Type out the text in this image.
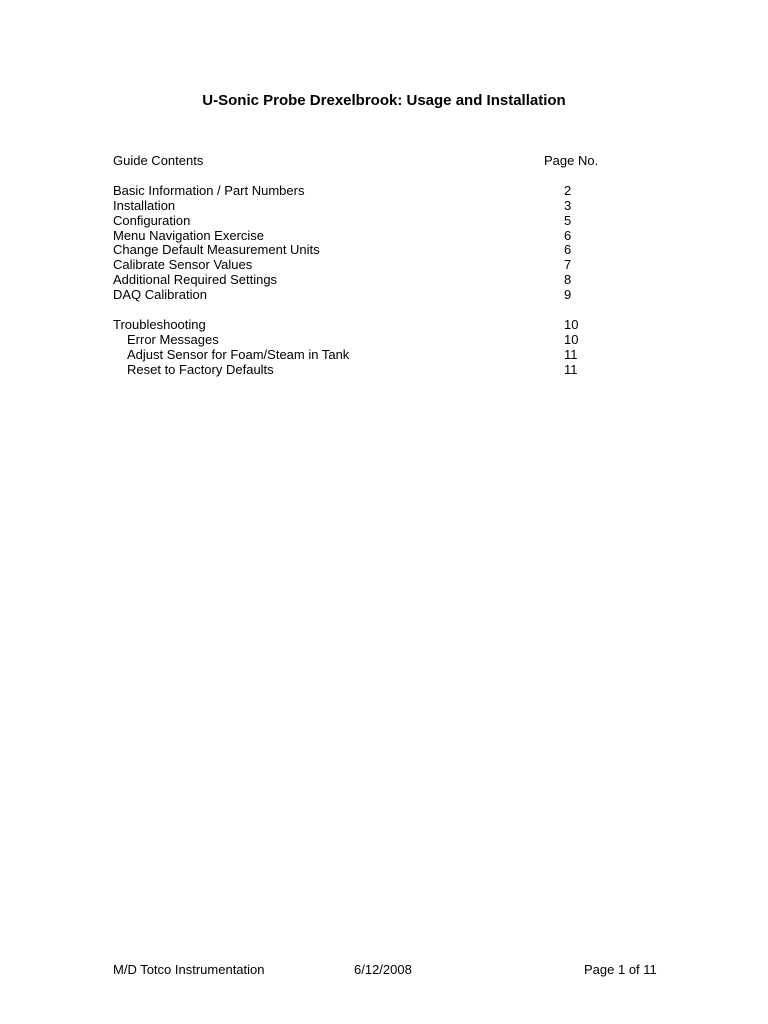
U-Sonic Probe Drexelbrook: Usage and Installation
Guide Contents	Page No.
Basic Information / Part Numbers	2
Installation	3
Configuration	5
Menu Navigation Exercise	6
Change Default Measurement Units	6
Calibrate Sensor Values	7
Additional Required Settings	8
DAQ Calibration	9
Troubleshooting	10
Error Messages	10
Adjust Sensor for Foam/Steam in Tank	11
Reset to Factory Defaults	11
M/D Totco Instrumentation	6/12/2008	Page 1 of 11
